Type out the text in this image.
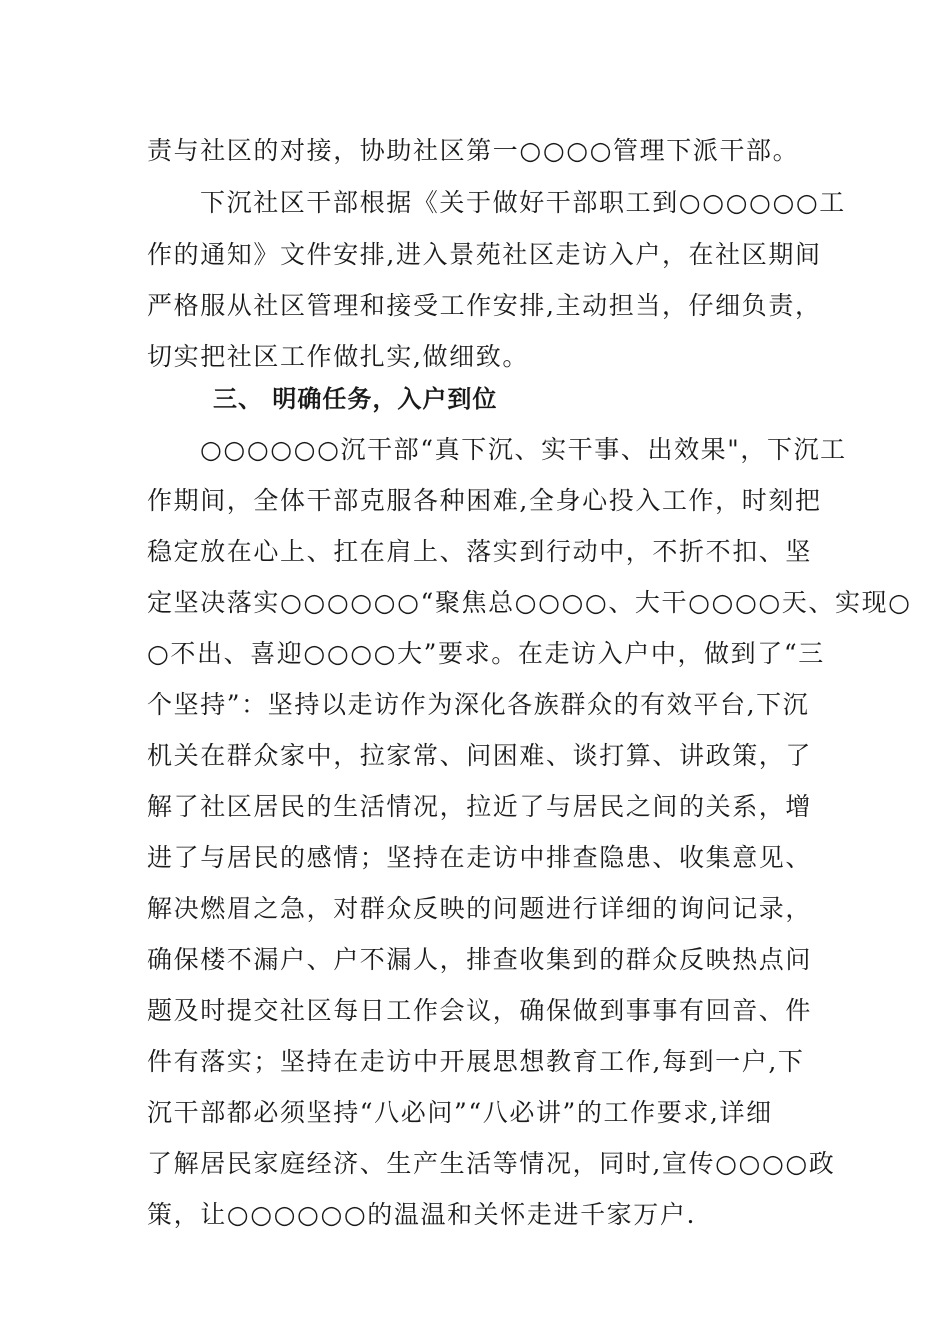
责与社区的对接，协助社区第一○○○○管理下派干部。
下沉社区干部根据《关于做好干部职工到○○○○○○工
作的通知》文件安排,进入景苑社区走访入户，在社区期间
严格服从社区管理和接受工作安排,主动担当，仔细负责，
切实把社区工作做扎实,做细致。
三、 明确任务，入户到位
○○○○○○沉干部“真下沉、实干事、出效果"，下沉工
作期间，全体干部克服各种困难,全身心投入工作，时刻把
稳定放在心上、扛在肩上、落实到行动中，不折不扣、坚
定坚决落实○○○○○○“聚焦总○○○○、大干○○○○天、实现○
○不出、喜迎○○○○大”要求。在走访入户中，做到了“三
个坚持”：坚持以走访作为深化各族群众的有效平台,下沉
机关在群众家中，拉家常、问困难、谈打算、讲政策，了
解了社区居民的生活情况，拉近了与居民之间的关系，增
进了与居民的感情；坚持在走访中排查隐患、收集意见、
解决燃眉之急，对群众反映的问题进行详细的询问记录，
确保楼不漏户、户不漏人，排查收集到的群众反映热点问
题及时提交社区每日工作会议，确保做到事事有回音、件
件有落实；坚持在走访中开展思想教育工作,每到一户,下
沉干部都必须坚持“八必问”“八必讲”的工作要求,详细
了解居民家庭经济、生产生活等情况，同时,宣传○○○○政
策，让○○○○○○的温温和关怀走进千家万户.
